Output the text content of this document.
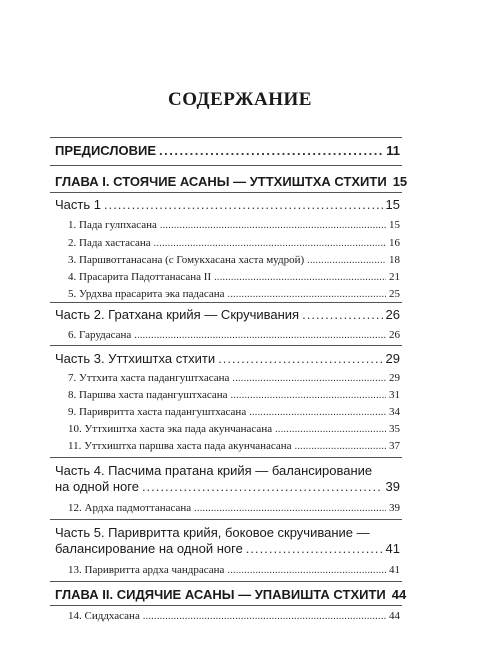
СОДЕРЖАНИЕ
ПРЕДИСЛОВИЕ .....	11
ГЛАВА I. СТОЯЧИЕ АСАНЫ — УТТХИШТХА СТХИТИ 15
Часть 1 .....	15
1. Пада гулпхасана .....	15
2. Пада хастасана .....	16
3. Паршвоттанасана (с Гомукхасана хаста мудрой) .....	18
4. Прасарита Падоттанасана II .....	21
5. Урдхва прасарита эка падасана .....	25
Часть 2. Гратхана крийя — Скручивания .....	26
6. Гарудасана .....	26
Часть 3. Уттхиштха стхити .....	29
7. Уттхита хаста падангуштхасана .....	29
8. Паршва хаста падангуштхасана .....	31
9. Паривритта хаста падангуштхасана .....	34
10. Уттхиштха хаста эка пада акунчанасана .....	35
11. Уттхиштха паршва хаста пада акунчанасана .....	37
Часть 4. Пасчима пратана крийя — балансирование
на одной ноге .....	39
12. Ардха падмоттанасана .....	39
Часть 5. Паривритта крийя, боковое скручивание —
балансирование на одной ноге .....	41
13. Паривритта ардха чандрасана .....	41
ГЛАВА II. СИДЯЧИЕ АСАНЫ — УПАВИШТА СТХИТИ 44
14. Сиддхасана .....	44
